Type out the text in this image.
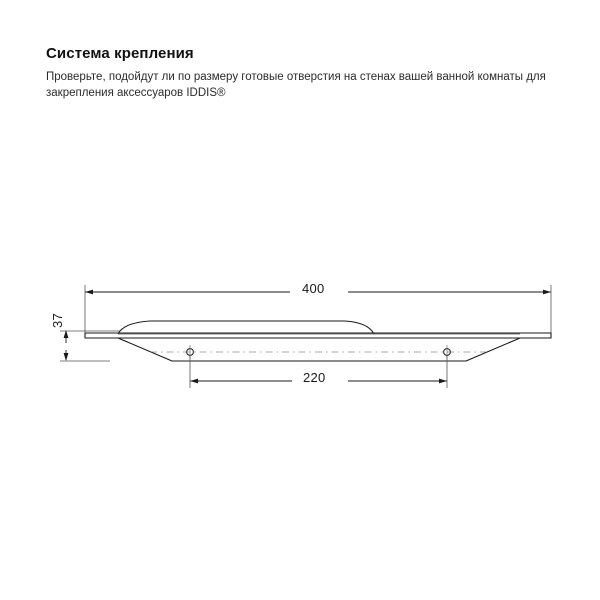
Система крепления

Проверьте, подойдут ли по размеру готовые отверстия на стенах вашей ванной комнаты для закрепления аксессуаров IDDIS®

400
220
37
